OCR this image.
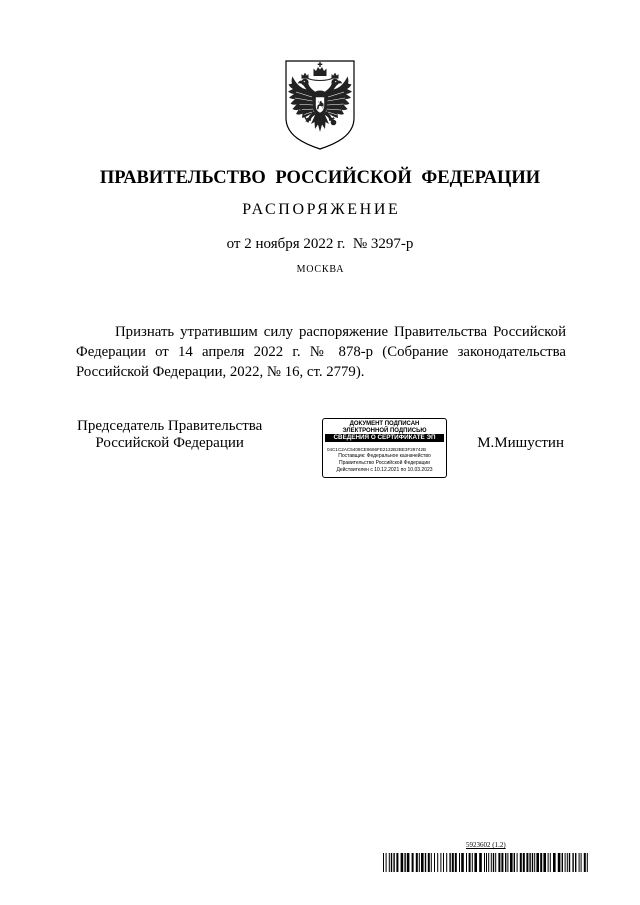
ПРАВИТЕЛЬСТВО РОССИЙСКОЙ ФЕДЕРАЦИИ
РАСПОРЯЖЕНИЕ
от 2 ноября 2022 г. № 3297-р
МОСКВА
Признать утратившим силу распоряжение Правительства Российской Федерации от 14 апреля 2022 г. № 878-р (Собрание законодательства Российской Федерации, 2022, № 16, ст. 2779).
Председатель Правительства
Российской Федерации
ДОКУМЕНТ ПОДПИСАН
ЭЛЕКТРОННОЙ ПОДПИСЬЮ
СВЕДЕНИЯ О СЕРТИФИКАТЕ ЭП
04C1C2AC5408CE9666FE2132B2BE3F29742B
Поставщик: Федеральное казначейство
Правительство Российской Федерации
Действителен с 10.12.2021 по 10.03.2023
М.Мишустин
5923602 (1.2)
